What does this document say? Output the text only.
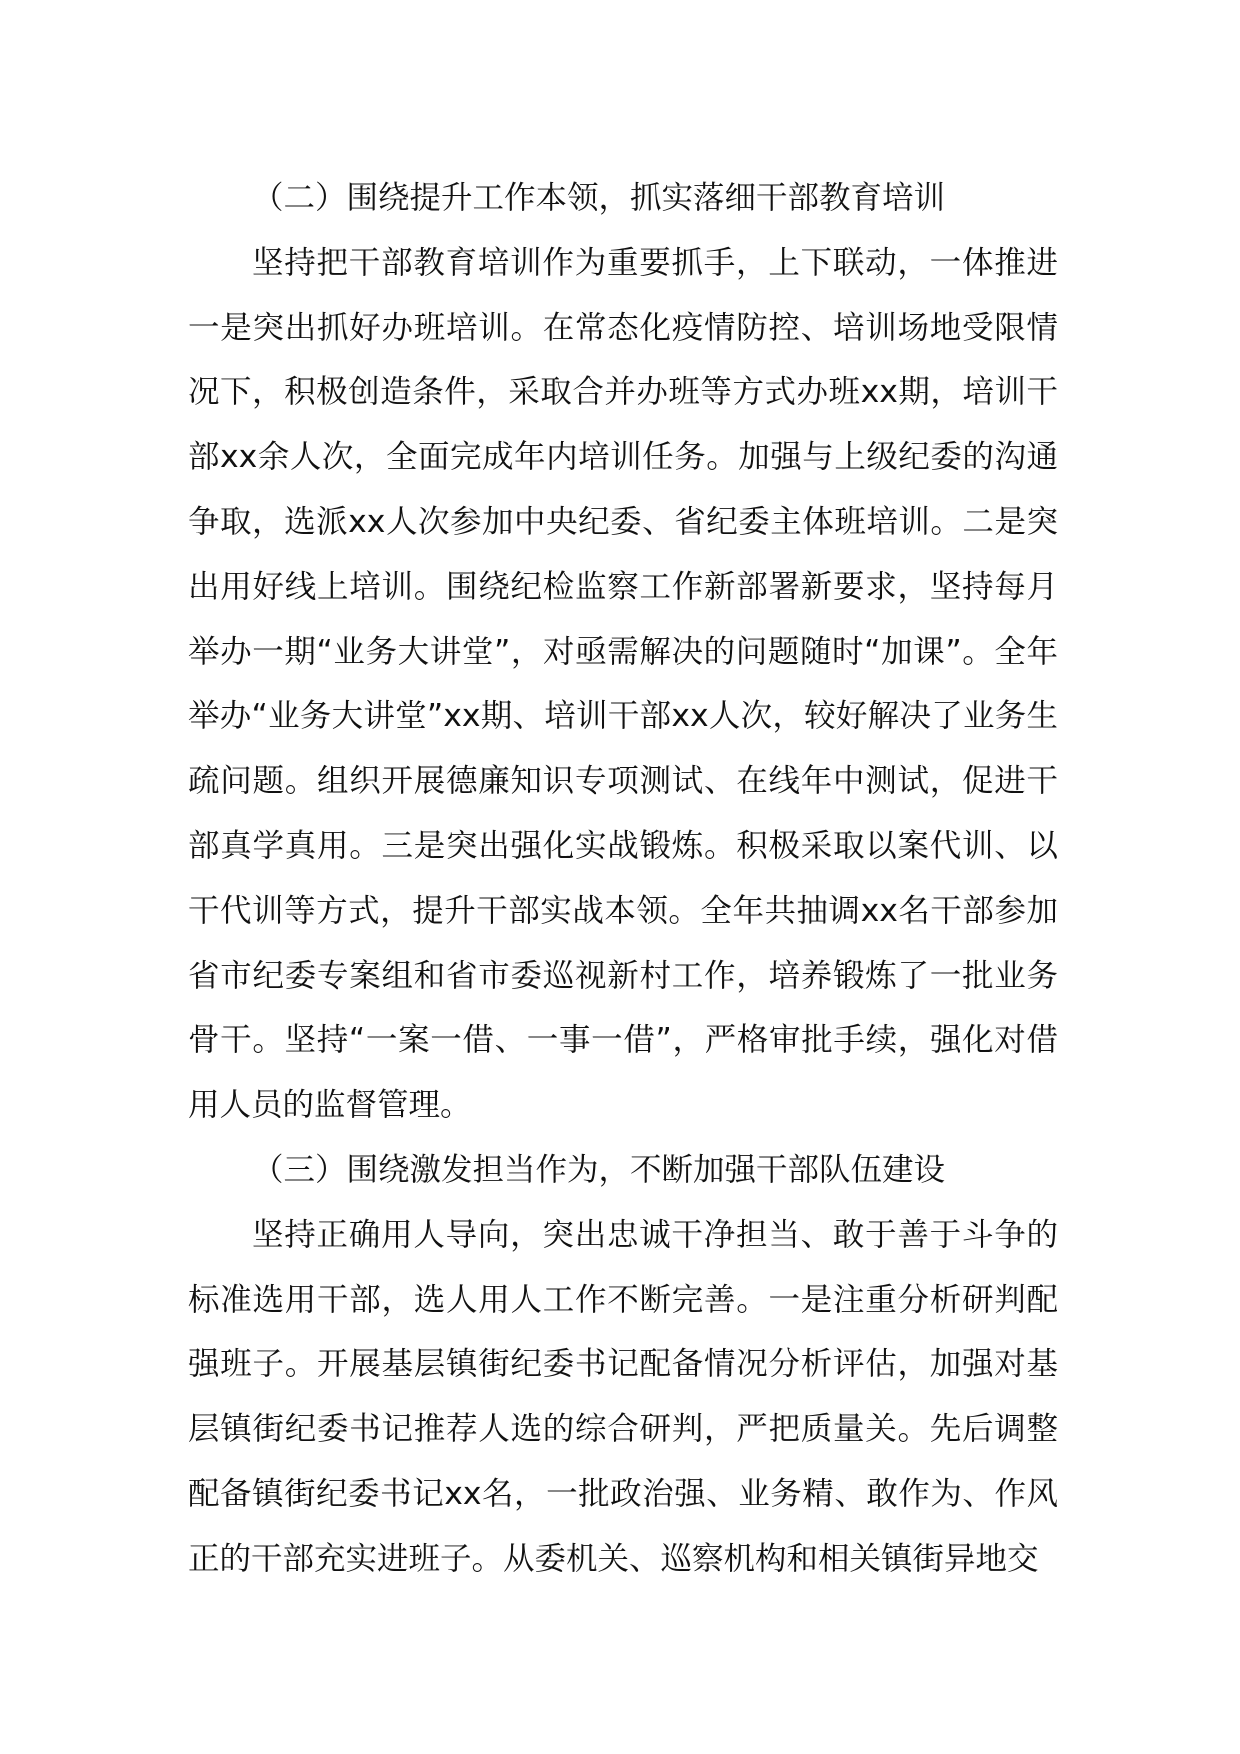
（二）围绕提升工作本领，抓实落细干部教育培训

坚持把干部教育培训作为重要抓手，上下联动，一体推进一是突出抓好办班培训。在常态化疫情防控、培训场地受限情况下，积极创造条件，采取合并办班等方式办班xx期，培训干部xx余人次，全面完成年内培训任务。加强与上级纪委的沟通争取，选派xx人次参加中央纪委、省纪委主体班培训。二是突出用好线上培训。围绕纪检监察工作新部署新要求，坚持每月举办一期“业务大讲堂”，对亟需解决的问题随时“加课”。全年举办“业务大讲堂”xx期、培训干部xx人次，较好解决了业务生疏问题。组织开展德廉知识专项测试、在线年中测试，促进干部真学真用。三是突出强化实战锻炼。积极采取以案代训、以干代训等方式，提升干部实战本领。全年共抽调xx名干部参加省市纪委专案组和省市委巡视新村工作，培养锻炼了一批业务骨干。坚持“一案一借、一事一借”，严格审批手续，强化对借用人员的监督管理。

（三）围绕激发担当作为，不断加强干部队伍建设

坚持正确用人导向，突出忠诚干净担当、敢于善于斗争的标准选用干部，选人用人工作不断完善。一是注重分析研判配强班子。开展基层镇街纪委书记配备情况分析评估，加强对基层镇街纪委书记推荐人选的综合研判，严把质量关。先后调整配备镇街纪委书记xx名，一批政治强、业务精、敢作为、作风正的干部充实进班子。从委机关、巡察机构和相关镇街异地交
